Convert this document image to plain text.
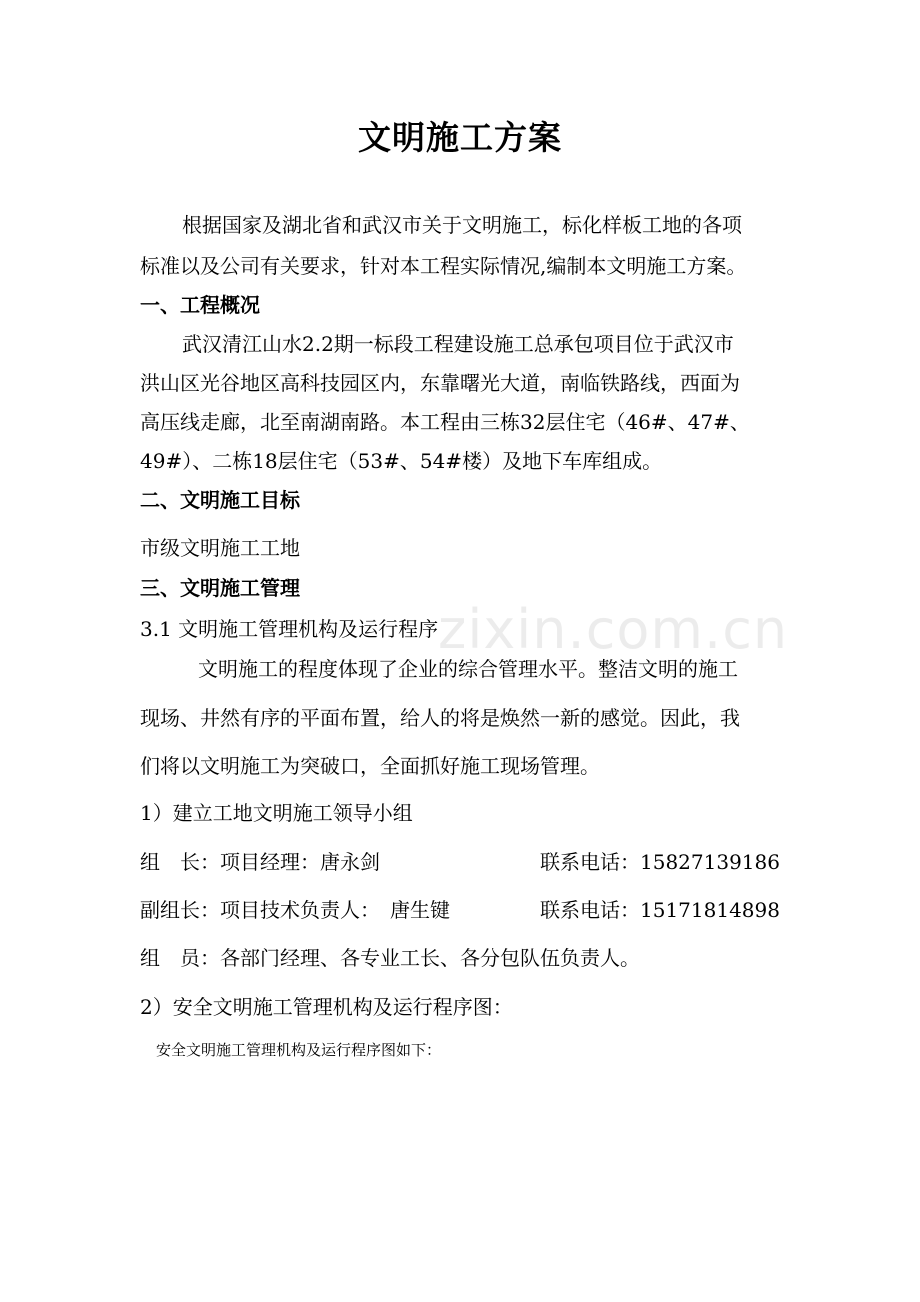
zixin.com.cn
文明施工方案
根据国家及湖北省和武汉市关于文明施工，标化样板工地的各项
标准以及公司有关要求，针对本工程实际情况,编制本文明施工方案。
一、工程概况
武汉清江山水2.2期一标段工程建设施工总承包项目位于武汉市
洪山区光谷地区高科技园区内，东靠曙光大道，南临铁路线，西面为
高压线走廊，北至南湖南路。本工程由三栋32层住宅（46#、47#、
49#）、二栋18层住宅（53#、54#楼）及地下车库组成。
二、文明施工目标
市级文明施工工地
三、文明施工管理
3.1 文明施工管理机构及运行程序
文明施工的程度体现了企业的综合管理水平。整洁文明的施工
现场、井然有序的平面布置，给人的将是焕然一新的感觉。因此，我
们将以文明施工为突破口，全面抓好施工现场管理。
1）建立工地文明施工领导小组
组　长：项目经理：唐永剑	联系电话：15827139186
副组长：项目技术负责人：　唐生键	联系电话：15171814898
组　员：各部门经理、各专业工长、各分包队伍负责人。
2）安全文明施工管理机构及运行程序图：
安全文明施工管理机构及运行程序图如下：
